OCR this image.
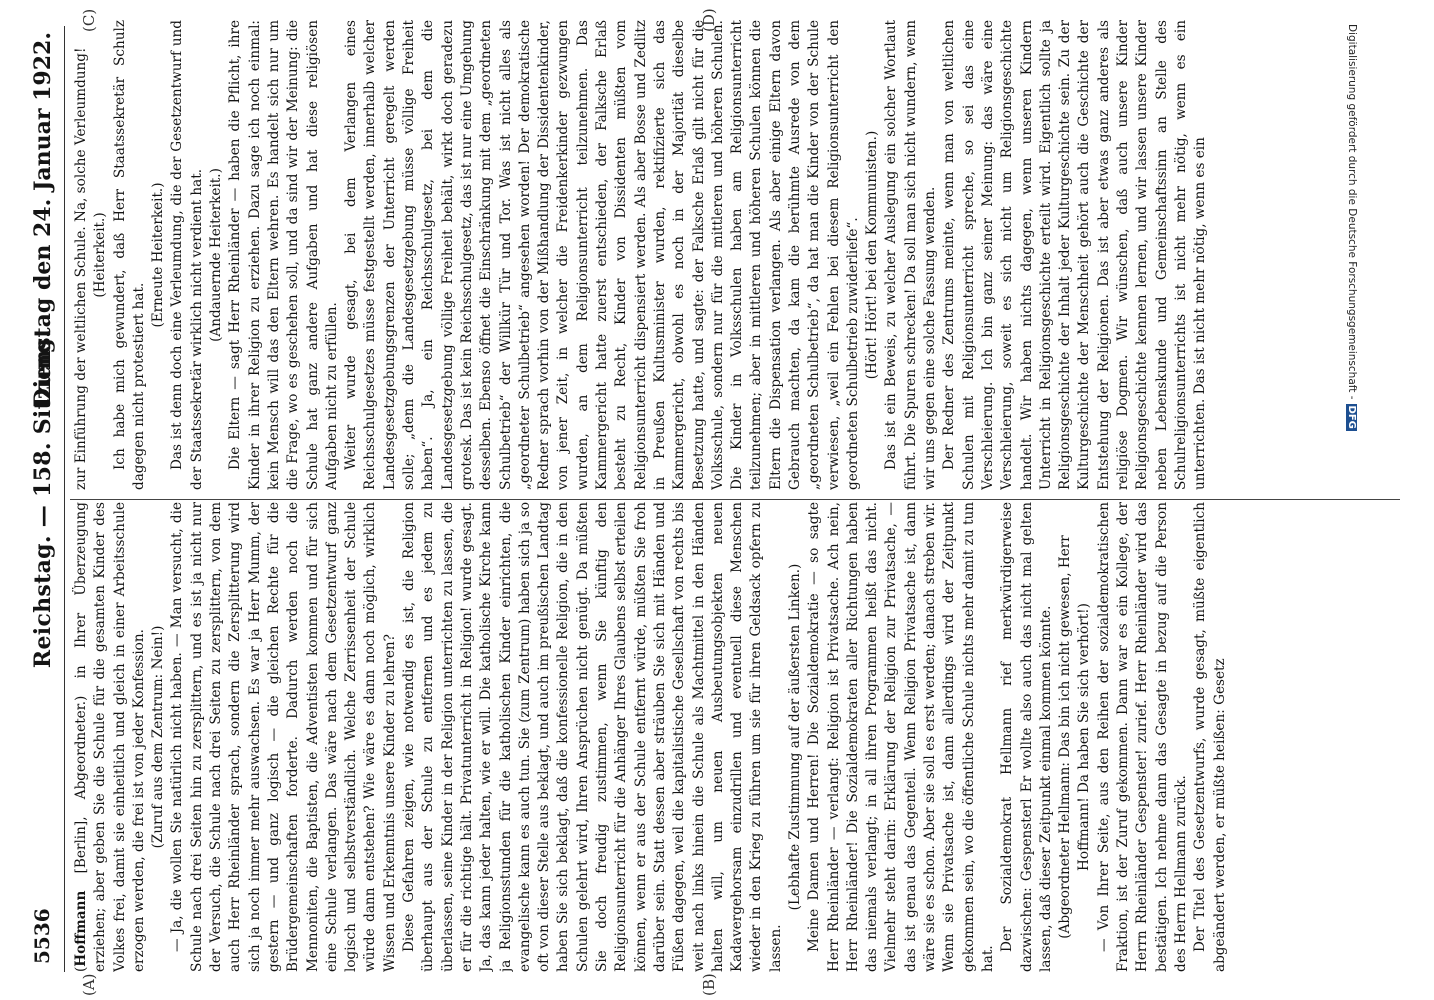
5536
Reichstag. — 158. Sitzung.
Dienstag den 24. Januar 1922.
(A)	(B)

(Hoffmann [Berlin], Abgeordneter.) in Ihrer Überzeugung erziehen; aber geben Sie die Schule für die gesamten Kinder des Volkes frei, damit sie einheitlich und gleich in einer Arbeitsschule erzogen werden, die frei ist von jeder Konfession. (Zuruf aus dem Zentrum: Nein!) — Ja, die wollen Sie natürlich nicht haben. — Man versucht, die Schule nach drei Seiten hin zu zersplittern, und es ist ja nicht nur der Versuch, die Schule nach drei Seiten zu zersplittern, von dem auch Herr Rheinländer sprach, sondern die Zersplitterung wird sich ja noch immer mehr auswachsen. Es war ja Herr Mumm, der gestern — und ganz logisch — die gleichen Rechte für die Brüdergemeinschaften forderte. Dadurch werden noch die Mennoniten, die Baptisten, die Adventisten kommen und für sich eine Schule verlangen. Das wäre nach dem Gesetzentwurf ganz logisch und selbstverständlich. Welche Zerrissenheit der Schule würde dann entstehen? Wie wäre es dann noch möglich, wirklich Wissen und Erkenntnis unsere Kinder zu lehren? Diese Gefahren zeigen, wie notwendig es ist, die Religion überhaupt aus der Schule zu entfernen und es jedem zu überlassen, seine Kinder in der Religion unterrichten zu lassen, die er für die richtige hält. Privatunterricht in Religion! wurde gesagt. Ja, das kann jeder halten, wie er will. Die katholische Kirche kann ja Religionsstunden für die katholischen Kinder einrichten, die evangelische kann es auch tun. Sie (zum Zentrum) haben sich ja so oft von dieser Stelle aus beklagt, und auch im preußischen Landtag haben Sie sich beklagt, daß die konfessionelle Religion, die in den Schulen gelehrt wird, Ihren Ansprüchen nicht genügt. Da müßten Sie doch freudig zustimmen, wenn Sie künftig den Religionsunterricht für die Anhänger Ihres Glaubens selbst erteilen können, wenn er aus der Schule entfernt würde, müßten Sie froh darüber sein. Statt dessen aber sträuben Sie sich mit Händen und Füßen dagegen, weil die kapitalistische Gesellschaft von rechts bis weit nach links hinein die Schule als Machtmittel in den Händen halten will, um neuen Ausbeutungsobjekten neuen Kadavergehorsam einzudrillen und eventuell diese Menschen wieder in den Krieg zu führen um sie für ihren Geldsack opfern zu lassen.

(Lebhafte Zustimmung auf der äußersten Linken.) Meine Damen und Herren! Die Sozialdemokratie — so sagte Herr Rheinländer — verlangt: Religion ist Privatsache. Ach nein, Herr Rheinländer! Die Sozialdemokraten aller Richtungen haben das niemals verlangt; in all ihren Programmen heißt das nicht. Vielmehr steht darin: Erklärung der Religion zur Privatsache, — das ist genau das Gegenteil. Wenn Religion Privatsache ist, dann wäre sie es schon. Aber sie soll es erst werden; danach streben wir. Wenn sie Privatsache ist, dann allerdings wird der Zeitpunkt gekommen sein, wo die öffentliche Schule nichts mehr damit zu tun hat.

Der Sozialdemokrat Hellmann rief merkwürdigerweise dazwischen: Gespensterl Er wollte also auch das nicht mal gelten lassen, daß dieser Zeitpunkt einmal kommen könnte. (Abgeordneter Hellmann: Das bin ich nicht gewesen, Herr Hoffmann! Da haben Sie sich verhört!) — Von Ihrer Seite, aus den Reihen der sozialdemokratischen Fraktion, ist der Zuruf gekommen. Dann war es ein Kollege, der Herrn Rheinländer Gespenster! zurief. Herr Rheinländer wird das bestätigen. Ich nehme dann das Gesagte in bezug auf die Person des Herrn Hellmann zurück. Der Titel des Gesetzentwurfs, wurde gesagt, müßte eigentlich abgeändert werden, er müßte heißen: Gesetz

zur Einführung der weltlichen Schule. Na, solche Verleumdung! (Heiterkeit.) Ich habe mich gewundert, daß Herr Staatssekretär Schulz dagegen nicht protestiert hat.

(Erneute Heiterkeit.) Das ist denn doch eine Verleumdung, die der Gesetzentwurf und der Staatssekretär wirklich nicht verdient hat. (Andauernde Heiterkeit.) Die Eltern — sagt Herr Rheinländer — haben die Pflicht, ihre Kinder in ihrer Religion zu erziehen. Dazu sage ich noch einmal: kein Mensch will das den Eltern wehren. Es handelt sich nur um die Frage, wo es geschehen soll, und da sind wir der Meinung: die Schule hat ganz andere Aufgaben und hat diese religiösen Aufgaben nicht zu erfüllen. Weiter wurde gesagt, bei dem Verlangen eines Reichsschulgesetzes müsse festgestellt werden, innerhalb welcher Landesgesetzgebungsgrenzen der Unterricht geregelt werden solle; „denn die Landesgesetzgebung müsse völlige Freiheit haben“. Ja, ein Reichsschulgesetz, bei dem die Landesgesetzgebung völlige Freiheit behält, wirkt doch geradezu grotesk. Das ist kein Reichsschulgesetz, das ist nur eine Umgehung desselben. Ebenso öffnet die Einschränkung mit dem „geordneten Schulbetrieb“ der Willkür Tür und Tor. Was ist nicht alles als „geordneter Schulbetrieb“ angesehen worden! Der demokratische Redner sprach vorhin von der Mißhandlung der Dissidentenkinder, von jener Zeit, in welcher die Freidenkerkinder gezwungen wurden, an dem Religionsunterricht teilzunehmen. Das Kammergericht hatte zuerst entschieden, der Falksche Erlaß besteht zu Recht, Kinder von Dissidenten müßten vom Religionsunterricht dispensiert werden. Als aber Bosse und Zedlitz in Preußen Kultusminister wurden, rektifizierte sich das Kammergericht, obwohl es noch in der Majorität dieselbe Besetzung hatte, und sagte: der Falksche Erlaß gilt nicht für die Volksschule, sondern nur für die mittleren und höheren Schulen. Die Kinder in Volksschulen haben am Religionsunterricht teilzunehmen; aber in mittleren und höheren Schulen können die Eltern die Dispensation verlangen. Als aber einige Eltern davon Gebrauch machten, da kam die berühmte Ausrede von dem „geordneten Schulbetrieb“, da hat man die Kinder von der Schule verwiesen, „weil ein Fehlen bei diesem Religionsunterricht den geordneten Schulbetrieb zuwiderliefe“. (Hört! Hört! bei den Kommunisten.) Das ist ein Beweis, zu welcher Auslegung ein solcher Wortlaut führt. Die Spuren schrecken! Da soll man sich nicht wundern, wenn wir uns gegen eine solche Fassung wenden. Der Redner des Zentrums meinte, wenn man von weltlichen Schulen mit Religionsunterricht spreche, so sei das eine Verschleierung. Ich bin ganz seiner Meinung: das wäre eine Verschleierung, soweit es sich nicht um Religionsgeschichte handelt. Wir haben nichts dagegen, wenn unseren Kindern Unterricht in Religionsgeschichte erteilt wird. Eigentlich sollte ja Religionsgeschichte der Inhalt jeder Kulturgeschichte sein. Zu der Kulturgeschichte der Menschheit gehört auch die Geschichte der Entstehung der Religionen. Das ist aber etwas ganz anderes als religiöse Dogmen. Wir wünschen, daß auch unsere Kinder Religionsgeschichte kennen lernen, und wir lassen unsere Kinder neben Lebenskunde und Gemeinschaftssinn an Stelle des Schulreligionsunterrichts ist nicht mehr nötig, wenn es ein unterrichten. Das ist nicht mehr nötig, wenn es ein

(C)	(D)
Digitalisierung gefördert durch die Deutsche Forschungsgemeinschaft -DFG
